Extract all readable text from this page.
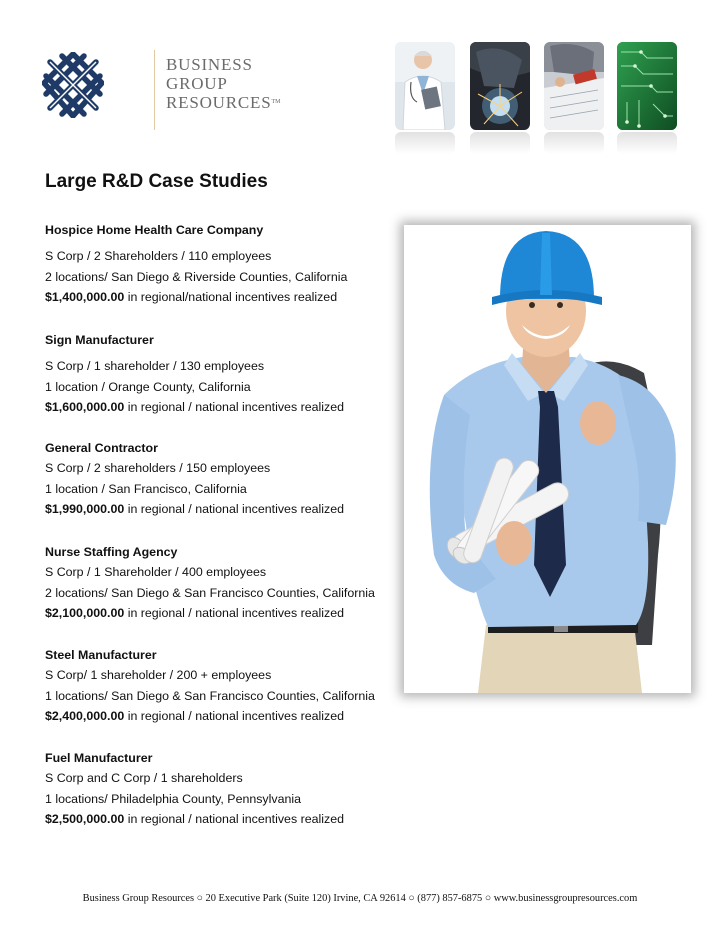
BUSINESS
GROUP
RESOURCES™
Large R&D Case Studies
Hospice Home Health Care Company
S Corp / 2 Shareholders / 110 employees
2 locations/ San Diego & Riverside Counties, California
$1,400,000.00 in regional/national incentives realized
Sign Manufacturer
S Corp / 1 shareholder / 130 employees
1 location / Orange County, California
$1,600,000.00 in regional / national incentives realized
General Contractor
S Corp / 2 shareholders / 150 employees
1 location / San Francisco, California
$1,990,000.00 in regional / national incentives realized
Nurse Staffing Agency
S Corp / 1 Shareholder / 400 employees
2 locations/ San Diego & San Francisco Counties, California
$2,100,000.00 in regional / national incentives realized
Steel Manufacturer
S Corp/ 1 shareholder / 200 + employees
1 locations/ San Diego & San Francisco Counties, California
$2,400,000.00 in regional / national incentives realized
Fuel Manufacturer
S Corp and C Corp / 1 shareholders
1 locations/ Philadelphia County, Pennsylvania
$2,500,000.00 in regional / national incentives realized
Business Group Resources ○ 20 Executive Park (Suite 120) Irvine, CA 92614 ○ (877) 857-6875 ○ www.businessgroupresources.com
